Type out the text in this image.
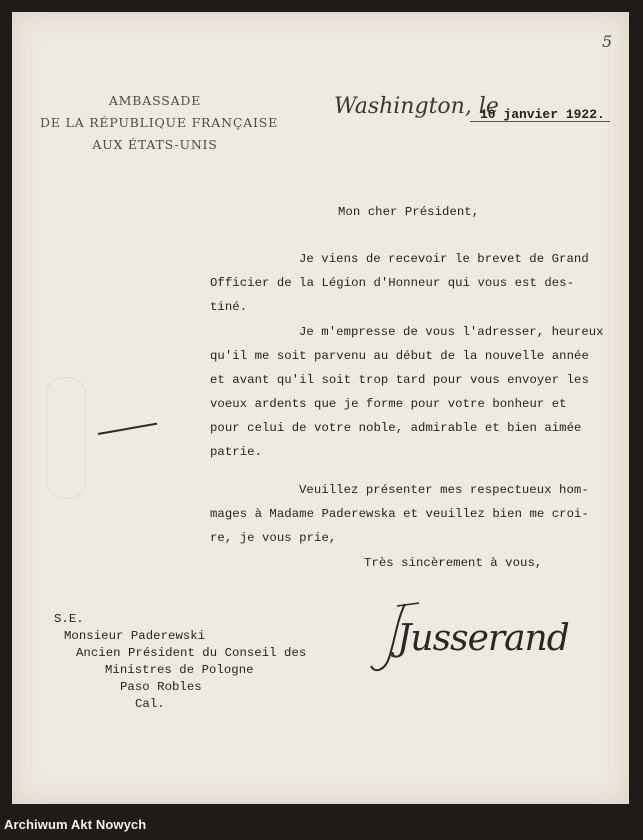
5
AMBASSADE
DE LA RÉPUBLIQUE FRANÇAISE
AUX ÉTATS-UNIS
Washington, le
10 janvier 1922.
Mon cher Président,
Je viens de recevoir le brevet de Grand
Officier de la Légion d'Honneur qui vous est des-
tiné.
Je m'empresse de vous l'adresser, heureux
qu'il me soit parvenu au début de la nouvelle année
et avant qu'il soit trop tard pour vous envoyer les
voeux ardents que je forme pour votre bonheur et
pour celui de votre noble, admirable et bien aimée
patrie.
Veuillez présenter mes respectueux hom-
mages à Madame Paderewska et veuillez bien me croi-
re, je vous prie,
Très sincèrement à vous,
Jusserand
S.E.
Monsieur Paderewski
Ancien Président du Conseil des
Ministres de Pologne
Paso Robles
Cal.
Archiwum Akt Nowych
